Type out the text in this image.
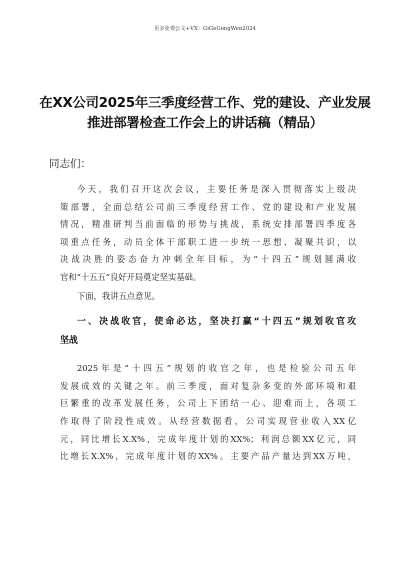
更多免费公文+VX：GiGeGongWen2024
在XX公司2025年三季度经营工作、党的建设、产业发展
推进部署检查工作会上的讲话稿（精品）
同志们：
今天，我们召开这次会议，主要任务是深入贯彻落实上级决
策部署，全面总结公司前三季度经营工作、党的建设和产业发展
情况，精准研判当前面临的形势与挑战，系统安排部署四季度各
项重点任务，动员全体干部职工进一步统一思想、凝聚共识，以
决战决胜的姿态奋力冲刺全年目标，为“十四五”规划圆满收
官和“十五五”良好开局奠定坚实基础。
下面，我讲五点意见。
一、决战收官，使命必达，坚决打赢“十四五”规划收官攻
坚战
2025年是“十四五”规划的收官之年，也是检验公司五年
发展成效的关键之年。前三季度，面对复杂多变的外部环境和艰
巨繁重的改革发展任务，公司上下团结一心、迎难而上，各项工
作取得了阶段性成效。从经营数据看，公司实现营业收入XX亿
元，同比增长X.X%，完成年度计划的XX%；利润总额XX亿元，同
比增长X.X%，完成年度计划的XX%。主要产品产量达到XX万吨，
